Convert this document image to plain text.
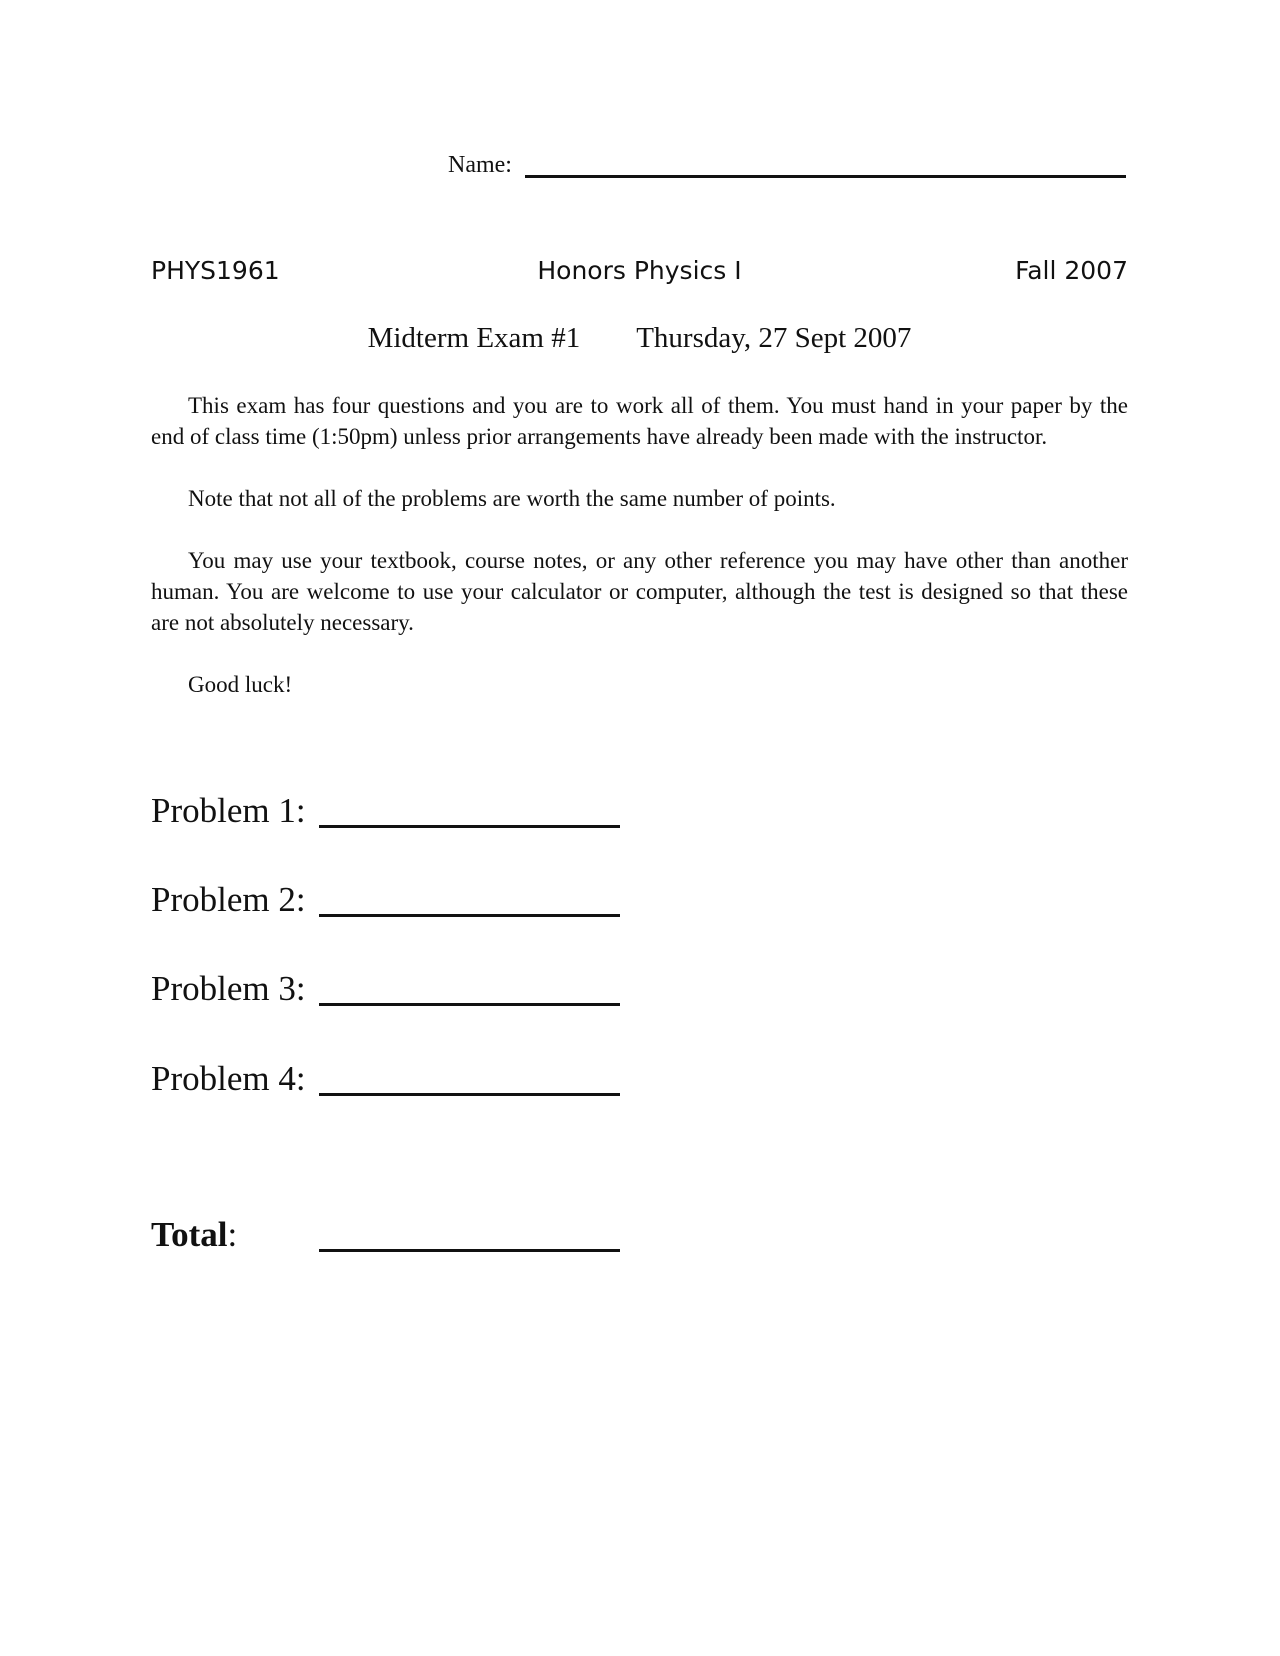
Name:
PHYS1961	Honors Physics I	Fall 2007
Midterm Exam #1 Thursday, 27 Sept 2007

This exam has four questions and you are to work all of them. You must hand in your paper by the end of class time (1:50pm) unless prior arrangements have already been made with the instructor.

Note that not all of the problems are worth the same number of points.

You may use your textbook, course notes, or any other reference you may have other than another human. You are welcome to use your calculator or computer, although the test is designed so that these are not absolutely necessary.

Good luck!

Problem 1:
Problem 2:
Problem 3:
Problem 4:
Total:
